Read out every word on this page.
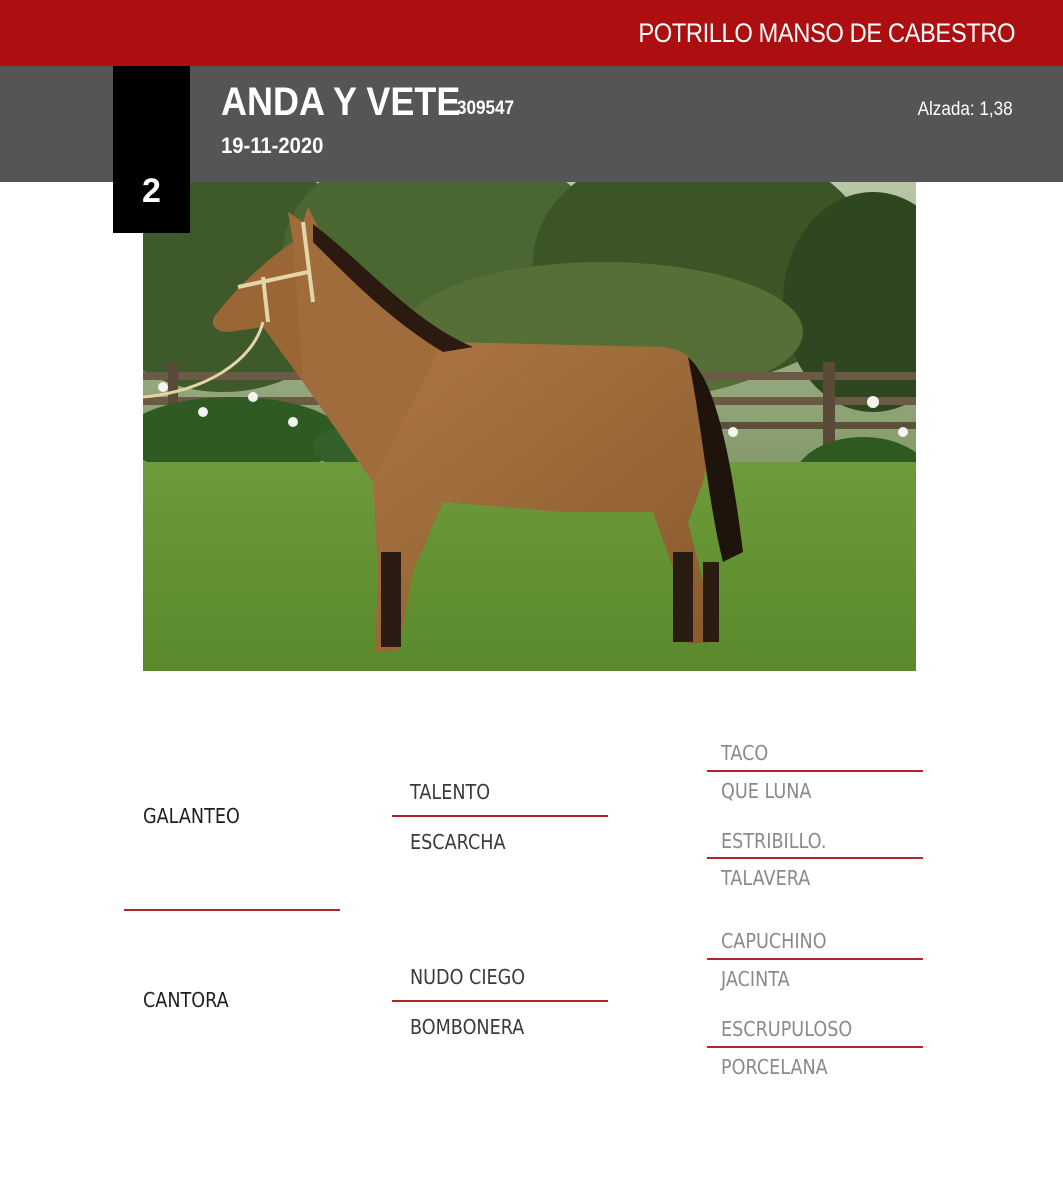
POTRILLO MANSO DE CABESTRO
2
ANDA Y VETE
309547
19-11-2020
Alzada: 1,38
GALANTEO
CANTORA
TALENTO
ESCARCHA
NUDO CIEGO
BOMBONERA
TACO
QUE LUNA
ESTRIBILLO.
TALAVERA
CAPUCHINO
JACINTA
ESCRUPULOSO
PORCELANA
